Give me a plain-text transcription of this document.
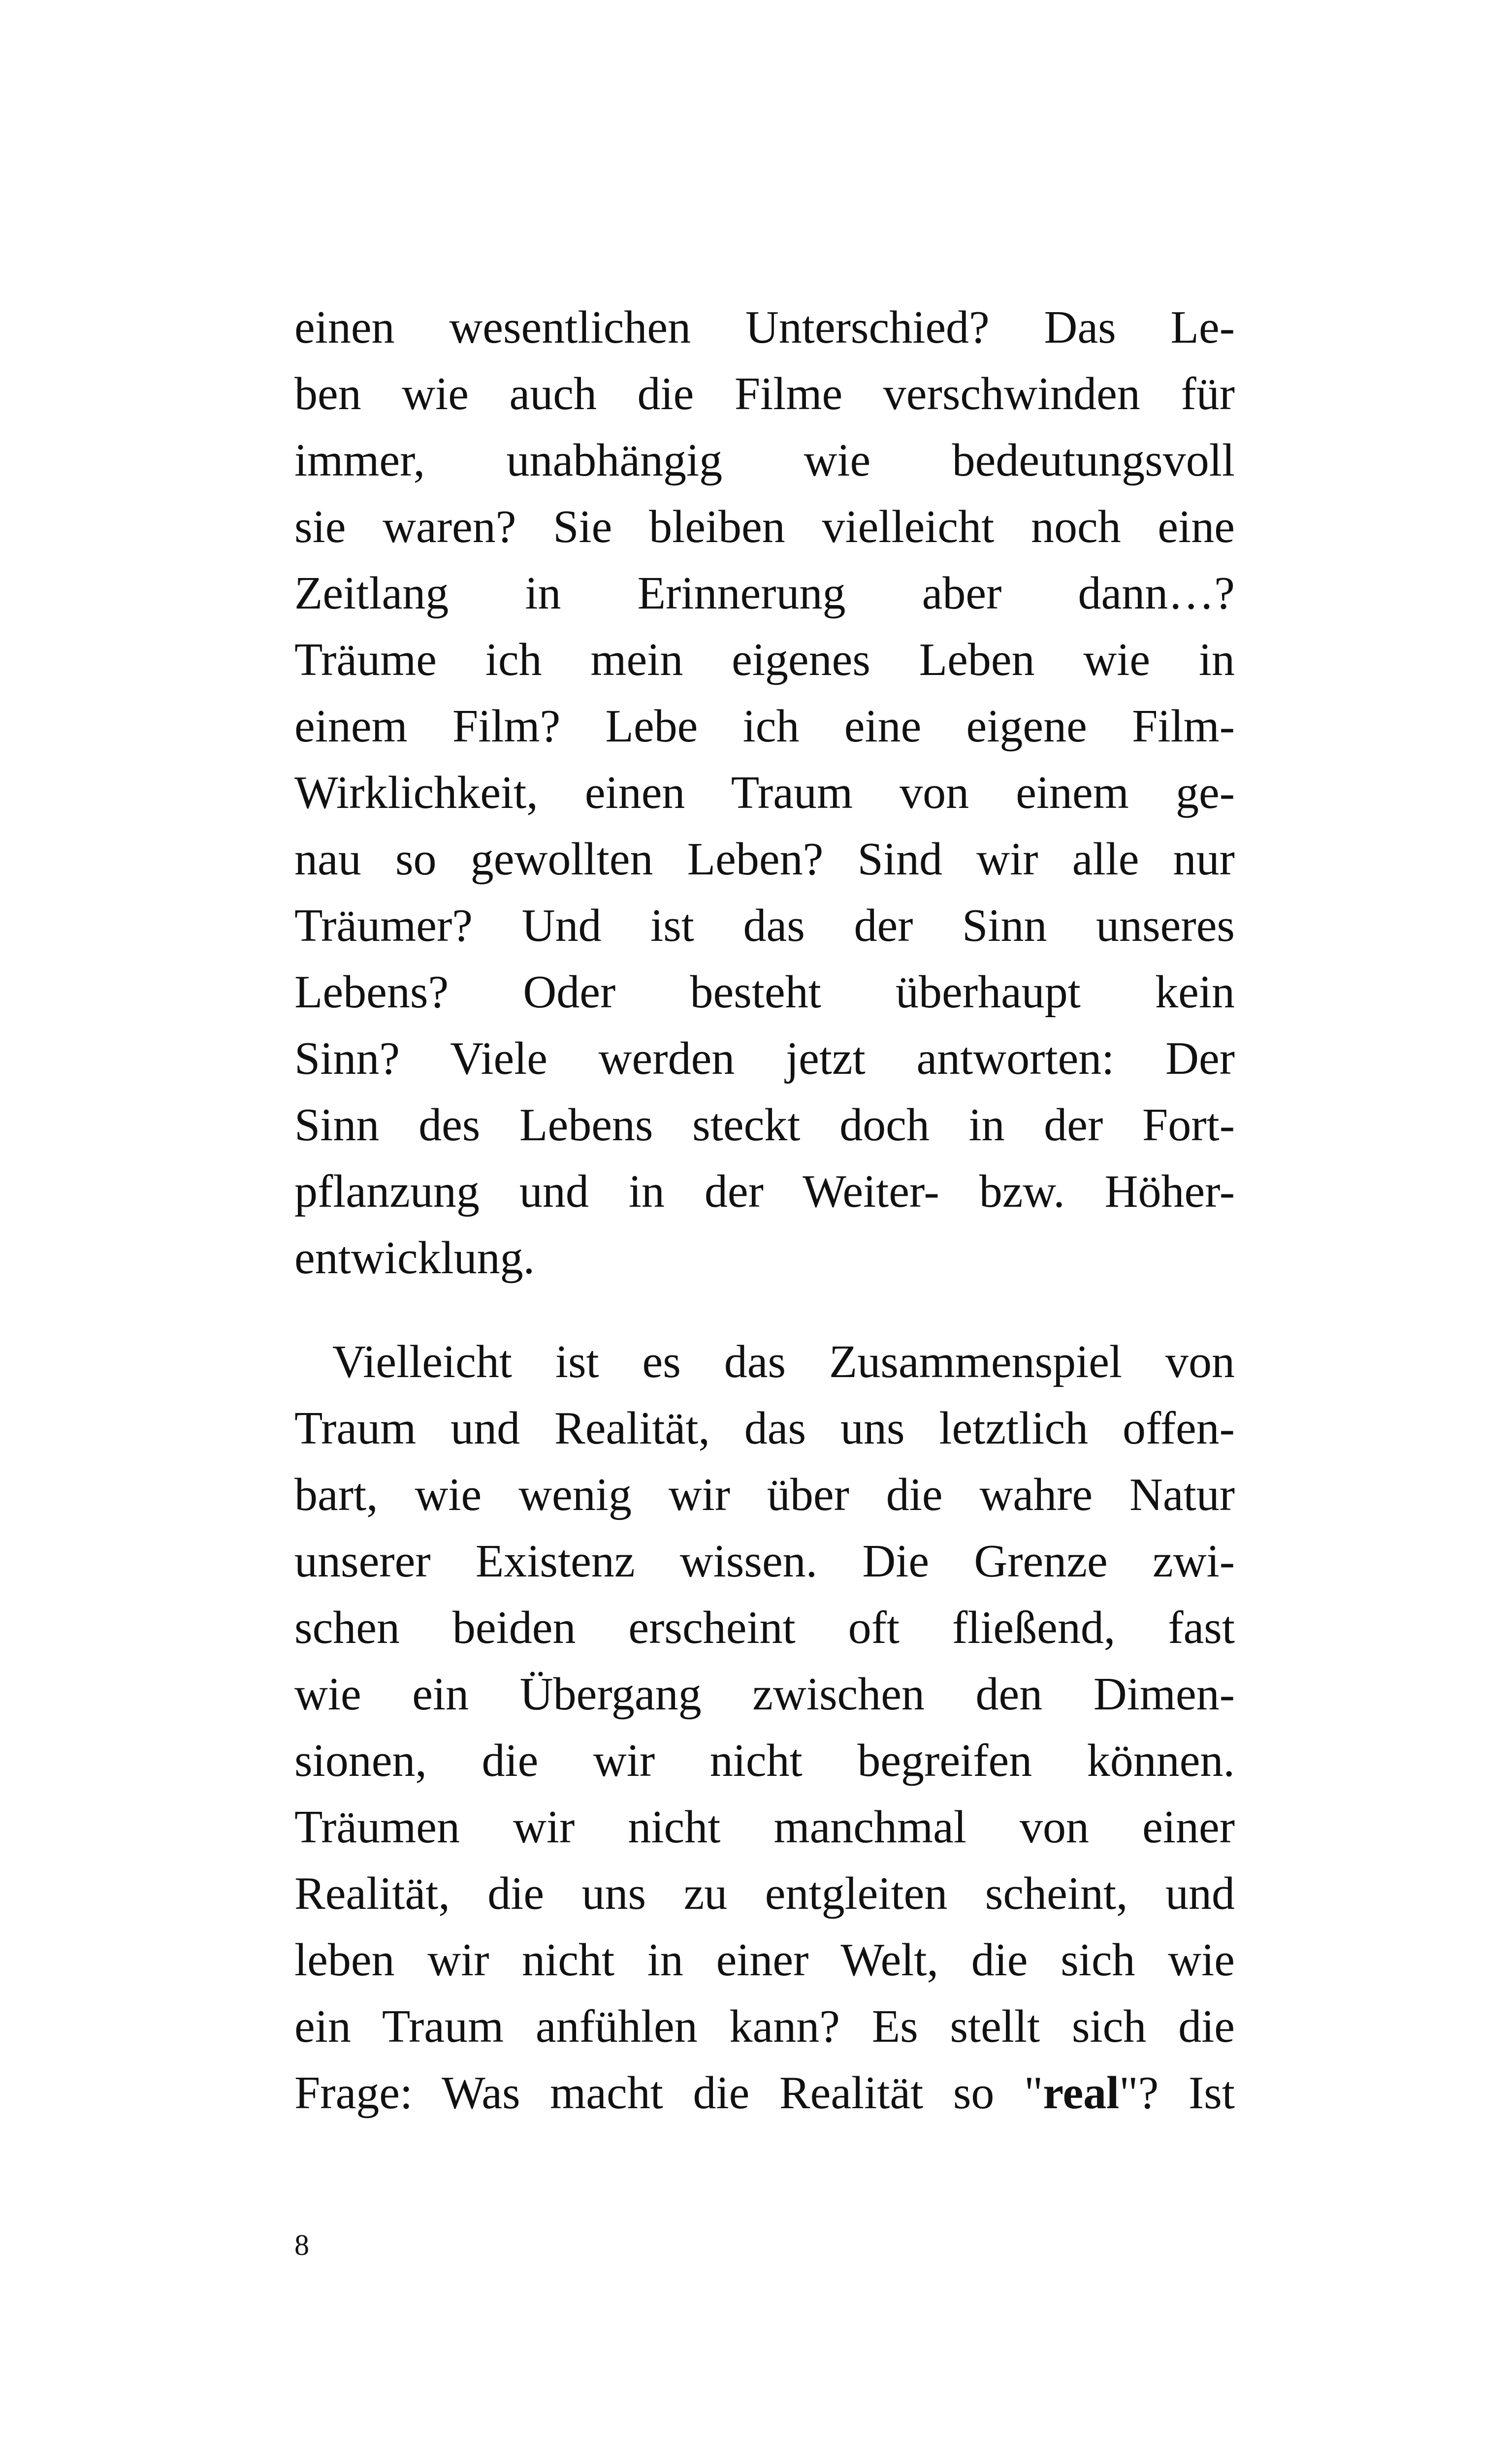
einen wesentlichen Unterschied? Das Le-
ben wie auch die Filme verschwinden für
immer, unabhängig wie bedeutungsvoll
sie waren? Sie bleiben vielleicht noch eine
Zeitlang in Erinnerung aber dann…?
Träume ich mein eigenes Leben wie in
einem Film? Lebe ich eine eigene Film-
Wirklichkeit, einen Traum von einem ge-
nau so gewollten Leben? Sind wir alle nur
Träumer? Und ist das der Sinn unseres
Lebens? Oder besteht überhaupt kein
Sinn? Viele werden jetzt antworten: Der
Sinn des Lebens steckt doch in der Fort-
pflanzung und in der Weiter- bzw. Höher-
entwicklung.
Vielleicht ist es das Zusammenspiel von
Traum und Realität, das uns letztlich offen-
bart, wie wenig wir über die wahre Natur
unserer Existenz wissen. Die Grenze zwi-
schen beiden erscheint oft fließend, fast
wie ein Übergang zwischen den Dimen-
sionen, die wir nicht begreifen können.
Träumen wir nicht manchmal von einer
Realität, die uns zu entgleiten scheint, und
leben wir nicht in einer Welt, die sich wie
ein Traum anfühlen kann? Es stellt sich die
Frage: Was macht die Realität so "real"? Ist
8
